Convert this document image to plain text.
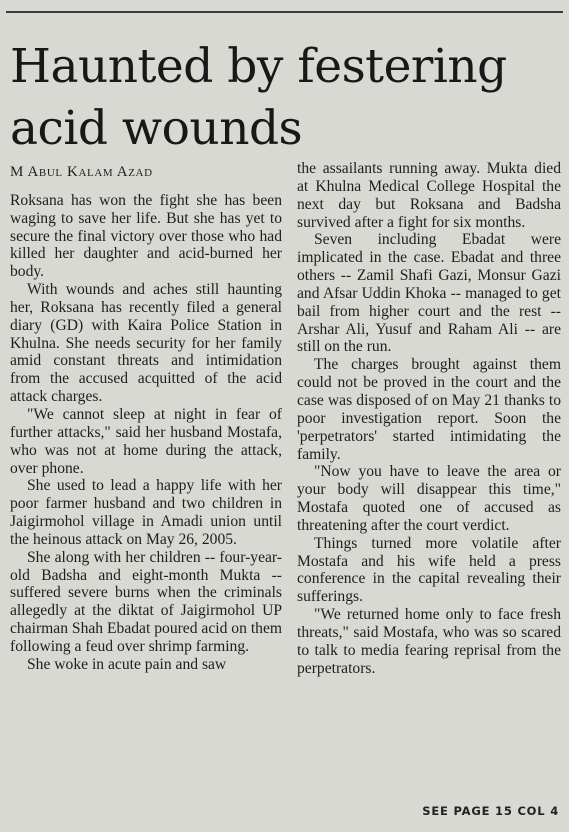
Haunted by festering acid wounds
M Abul Kalam Azad

Roksana has won the fight she has been waging to save her life. But she has yet to secure the final victory over those who had killed her daughter and acid-burned her body.

With wounds and aches still haunting her, Roksana has recently filed a general diary (GD) with Kaira Police Station in Khulna. She needs security for her family amid constant threats and intimidation from the accused acquitted of the acid attack charges.

"We cannot sleep at night in fear of further attacks," said her husband Mostafa, who was not at home during the attack, over phone.

She used to lead a happy life with her poor farmer husband and two children in Jaigirmohol village in Amadi union until the heinous attack on May 26, 2005.

She along with her children -- four-year-old Badsha and eight-month Mukta -- suffered severe burns when the criminals allegedly at the diktat of Jaigirmohol UP chairman Shah Ebadat poured acid on them following a feud over shrimp farming.

She woke in acute pain and saw

the assailants running away. Mukta died at Khulna Medical College Hospital the next day but Roksana and Badsha survived after a fight for six months.

Seven including Ebadat were implicated in the case. Ebadat and three others -- Zamil Shafi Gazi, Monsur Gazi and Afsar Uddin Khoka -- managed to get bail from higher court and the rest -- Arshar Ali, Yusuf and Raham Ali -- are still on the run.

The charges brought against them could not be proved in the court and the case was disposed of on May 21 thanks to poor investigation report. Soon the 'perpetrators' started intimidating the family.

"Now you have to leave the area or your body will disappear this time," Mostafa quoted one of accused as threatening after the court verdict.

Things turned more volatile after Mostafa and his wife held a press conference in the capital revealing their sufferings.

"We returned home only to face fresh threats," said Mostafa, who was so scared to talk to media fearing reprisal from the perpetrators.

SEE PAGE 15 COL 4
